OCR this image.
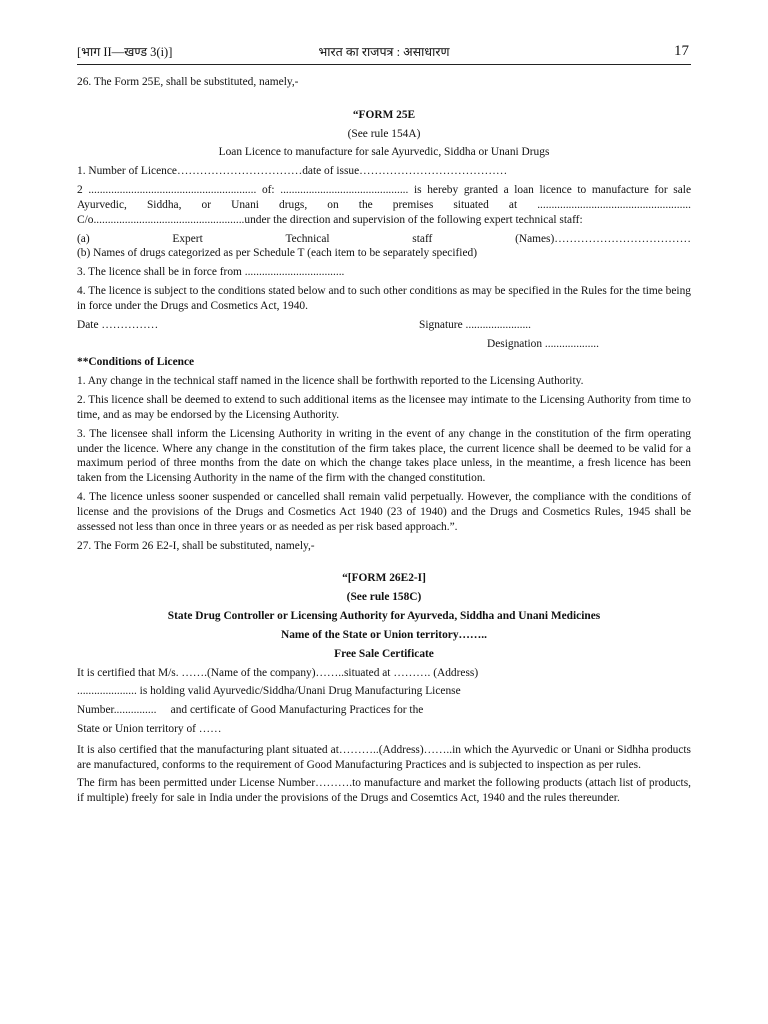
[भाग II—खण्ड 3(i)]	भारत का राजपत्र : असाधारण	17

26. The Form 25E, shall be substituted, namely,-

“FORM 25E

(See rule 154A)

Loan Licence to manufacture for sale Ayurvedic, Siddha or Unani Drugs

1. Number of Licence……………………………date of issue…………………………………

2 ........................................................... of: ............................................. is hereby granted a loan licence to manufacture for sale Ayurvedic, Siddha, or Unani drugs, on the premises situated at ...................................................... C/o.....................................................under the direction and supervision of the following expert technical staff:

(a)	Expert	Technical	staff	(Names)………………………………

(b) Names of drugs categorized as per Schedule T (each item to be separately specified)

3. The licence shall be in force from ...................................

4. The licence is subject to the conditions stated below and to such other conditions as may be specified in the Rules for the time being in force under the Drugs and Cosmetics Act, 1940.

Date ……………	Signature .......................

Designation ...................

**Conditions of Licence

1. Any change in the technical staff named in the licence shall be forthwith reported to the Licensing Authority.

2. This licence shall be deemed to extend to such additional items as the licensee may intimate to the Licensing Authority from time to time, and as may be endorsed by the Licensing Authority.

3. The licensee shall inform the Licensing Authority in writing in the event of any change in the constitution of the firm operating under the licence. Where any change in the constitution of the firm takes place, the current licence shall be deemed to be valid for a maximum period of three months from the date on which the change takes place unless, in the meantime, a fresh licence has been taken from the Licensing Authority in the name of the firm with the changed constitution.

4. The licence unless sooner suspended or cancelled shall remain valid perpetually. However, the compliance with the conditions of license and the provisions of the Drugs and Cosmetics Act 1940 (23 of 1940) and the Drugs and Cosmetics Rules, 1945 shall be assessed not less than once in three years or as needed as per risk based approach.”.

27. The Form 26 E2-I, shall be substituted, namely,-

“[FORM 26E2-I]

(See rule 158C)

State Drug Controller or Licensing Authority for Ayurveda, Siddha and Unani Medicines

Name of the State or Union territory……..

Free Sale Certificate

It is certified that M/s. …….(Name of the company)……..situated at ………. (Address)

..................... is holding valid Ayurvedic/Siddha/Unani Drug Manufacturing License

Number...............     and certificate of Good Manufacturing Practices for the

State or Union territory of ……

It is also certified that the manufacturing plant situated at………..(Address)……..in which the Ayurvedic or Unani or Sidhha products are manufactured, conforms to the requirement of Good Manufacturing Practices and is subjected to inspection as per rules.

The firm has been permitted under License Number……….to manufacture and market the following products (attach list of products, if multiple) freely for sale in India under the provisions of the Drugs and Cosemtics Act, 1940 and the rules thereunder.
